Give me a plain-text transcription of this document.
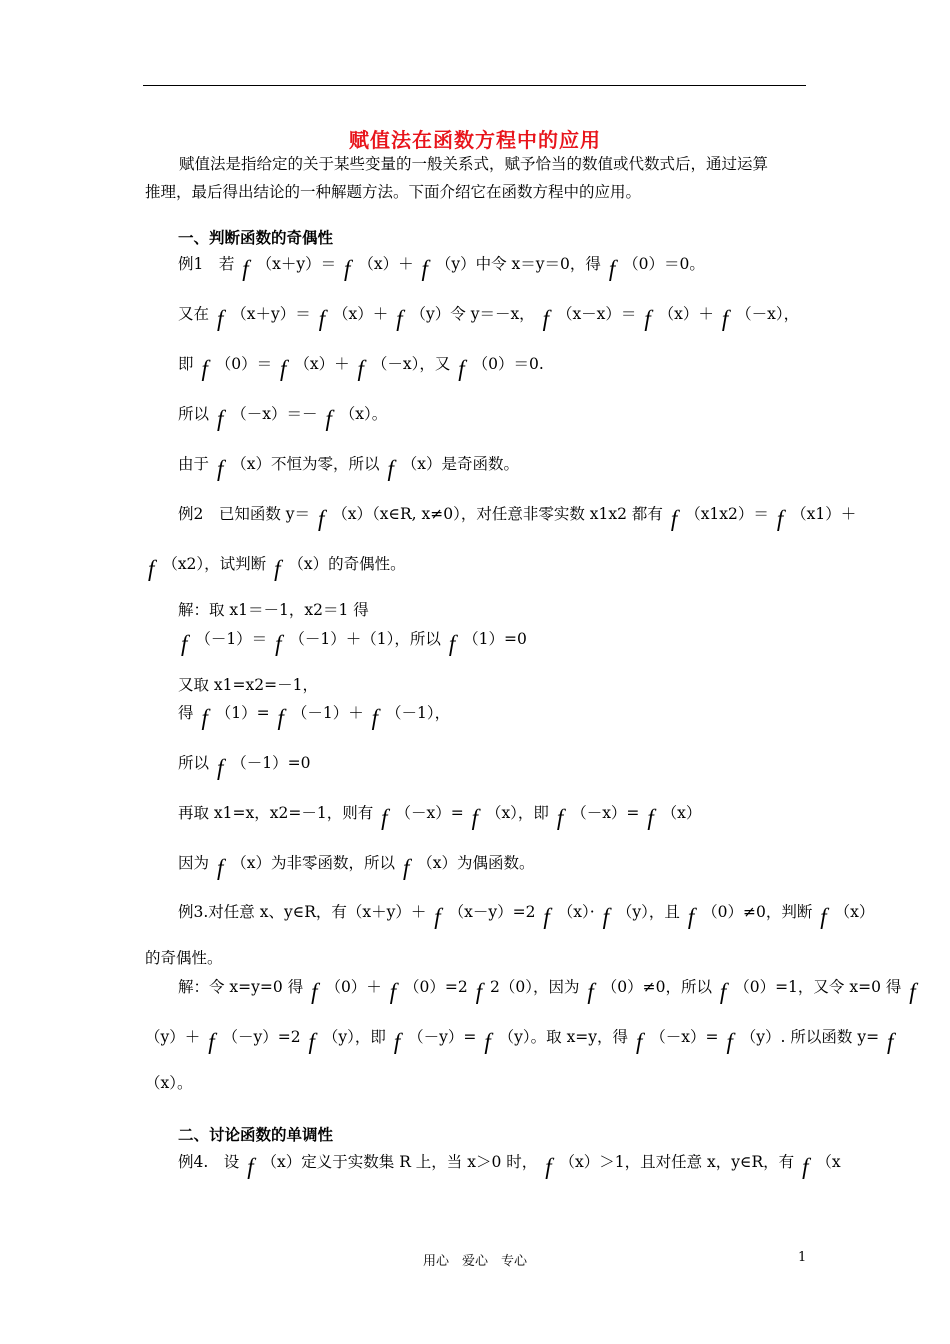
赋值法在函数方程中的应用
赋值法是指给定的关于某些变量的一般关系式，赋予恰当的数值或代数式后，通过运算
推理，最后得出结论的一种解题方法。下面介绍它在函数方程中的应用。
一、判断函数的奇偶性
例1　若 f （x＋y）＝ f （x）＋ f （y）中令 x＝y＝0，得 f （0）＝0。
又在 f （x＋y）＝ f （x）＋ f （y）令 y＝－x， f （x－x）＝ f （x）＋ f （－x），
即 f （0）＝ f （x）＋ f （－x），又 f （0）＝0.
所以 f （－x）＝－ f （x）。
由于 f （x）不恒为零，所以 f （x）是奇函数。
例2　已知函数 y＝ f （x）（x∈R, x≠0），对任意非零实数 x1x2 都有 f （x1x2）＝ f （x1）＋
f （x2），试判断 f （x）的奇偶性。
解：取 x1＝－1，x2＝1 得
f （－1）＝ f （－1）＋（1），所以 f （1）=0
又取 x1=x2=－1，
得 f （1）= f （－1）＋ f （－1），
所以 f （－1）=0
再取 x1=x，x2=－1，则有 f （－x）= f （x），即 f （－x）= f （x）
因为 f （x）为非零函数，所以 f （x）为偶函数。
例3.对任意 x、y∈R，有（x＋y）＋ f （x－y）=2 f （x）· f （y），且 f （0）≠0，判断 f （x）
的奇偶性。
解：令 x=y=0 得 f （0）＋ f （0）=2 f 2（0），因为 f （0）≠0，所以 f （0）=1，又令 x=0 得 f
（y）＋ f （－y）=2 f （y），即 f （－y）= f （y）。取 x=y，得 f （－x）= f （y）. 所以函数 y= f
（x）。
二、讨论函数的单调性
例4.　设 f （x）定义于实数集 R 上，当 x＞0 时， f （x）＞1，且对任意 x，y∈R，有 f （x
用心　爱心　专心	1
